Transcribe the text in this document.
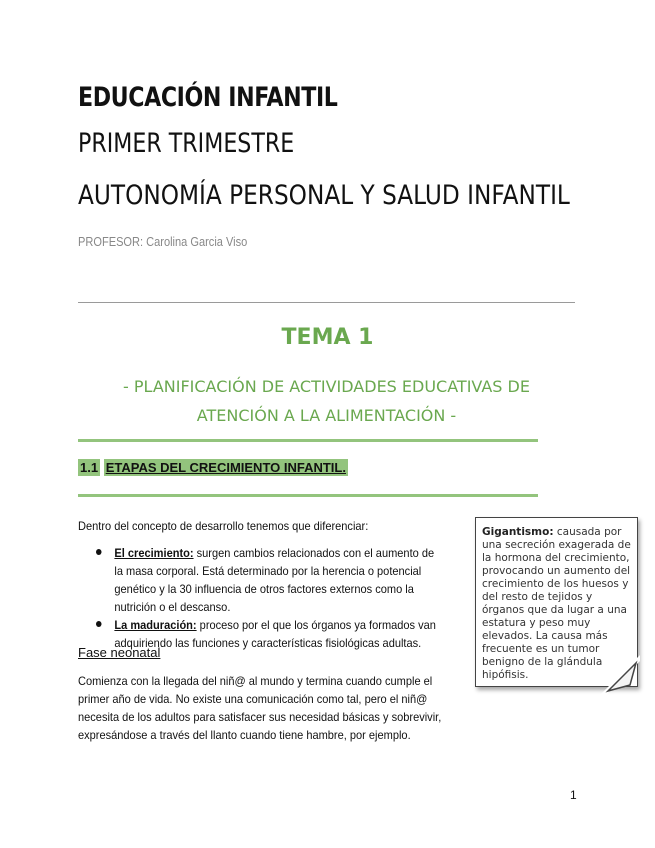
EDUCACIÓN INFANTIL
PRIMER TRIMESTRE
AUTONOMÍA PERSONAL Y SALUD INFANTIL
PROFESOR: Carolina Garcia Viso
TEMA 1
- PLANIFICACIÓN DE ACTIVIDADES EDUCATIVAS DE
ATENCIÓN A LA ALIMENTACIÓN -
1.1 ETAPAS DEL CRECIMIENTO INFANTIL.
Dentro del concepto de desarrollo tenemos que diferenciar:
El crecimiento: surgen cambios relacionados con el aumento de la masa corporal. Está determinado por la herencia o potencial genético y la 30 influencia de otros factores externos como la nutrición o el descanso.
La maduración: proceso por el que los órganos ya formados van adquiriendo las funciones y características fisiológicas adultas.
Fase neonatal
Comienza con la llegada del niñ@ al mundo y termina cuando cumple el primer año de vida. No existe una comunicación como tal, pero el niñ@ necesita de los adultos para satisfacer sus necesidad básicas y sobrevivir, expresándose a través del llanto cuando tiene hambre, por ejemplo.
Gigantismo: causada por una secreción exagerada de la hormona del crecimiento, provocando un aumento del crecimiento de los huesos y del resto de tejidos y órganos que da lugar a una estatura y peso muy elevados. La causa más frecuente es un tumor benigno de la glándula hipófisis.
1
